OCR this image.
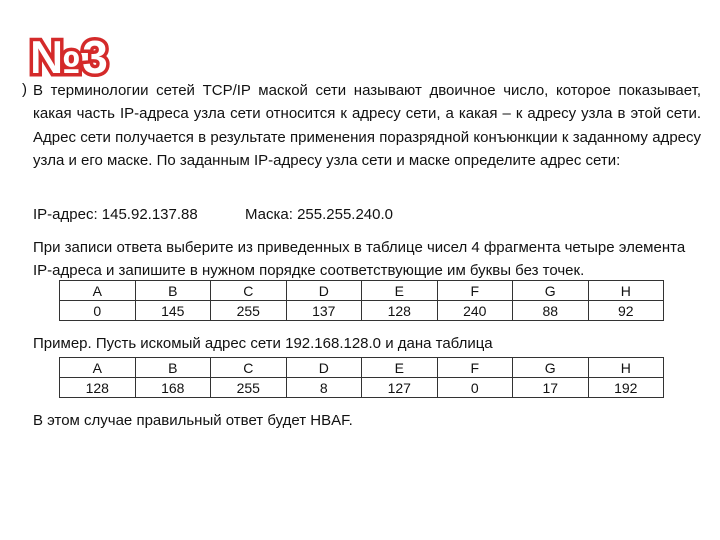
№3
) В терминологии сетей TCP/IP маской сети называют двоичное число, которое показывает, какая часть IP-адреса узла сети относится к адресу сети, а какая – к адресу узла в этой сети. Адрес сети получается в результате применения поразрядной конъюнкции к заданному адресу узла и его маске. По заданным IP-адресу узла сети и маске определите адрес сети:
IP-адрес: 145.92.137.88	Маска: 255.255.240.0
При записи ответа выберите из приведенных в таблице чисел 4 фрагмента четыре элемента IP-адреса и запишите в нужном порядке соответствующие им буквы без точек.
A	B	C	D	E	F	G	H
0	145	255	137	128	240	88	92
Пример. Пусть искомый адрес сети 192.168.128.0 и дана таблица
A	B	C	D	E	F	G	H
128	168	255	8	127	0	17	192
В этом случае правильный ответ будет HBAF.
